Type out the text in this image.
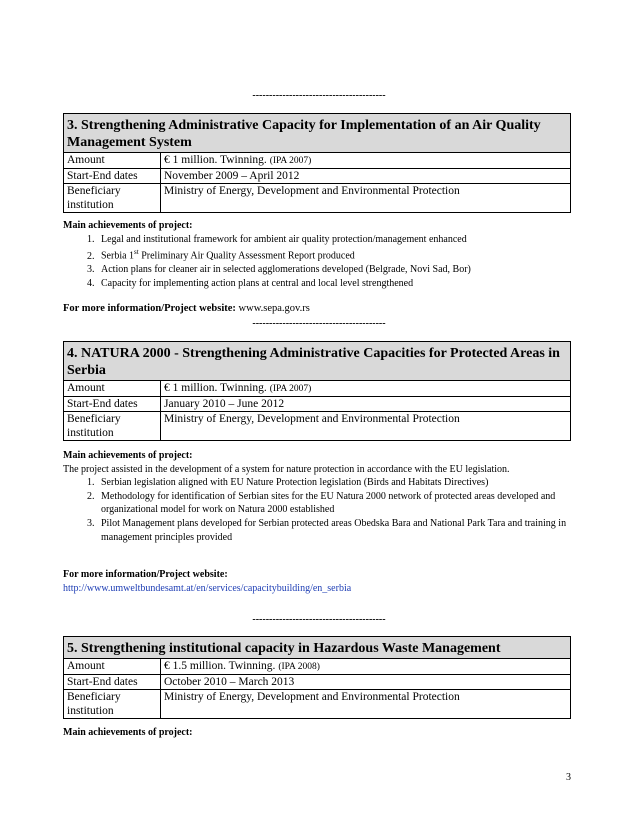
----------------------------------------
3. Strengthening Administrative Capacity for Implementation of an Air Quality Management System	
Amount	€ 1 million. Twinning. (IPA 2007)
Start-End dates	November 2009 – April 2012
Beneficiary institution	Ministry of Energy, Development and Environmental Protection
Main achievements of project:
1. Legal and institutional framework for ambient air quality protection/management enhanced
2. Serbia 1st Preliminary Air Quality Assessment Report produced
3. Action plans for cleaner air in selected agglomerations developed (Belgrade, Novi Sad, Bor)
4. Capacity for implementing action plans at central and local level strengthened
For more information/Project website: www.sepa.gov.rs
----------------------------------------
4. NATURA 2000 - Strengthening Administrative Capacities for Protected Areas in Serbia	
Amount	€ 1 million. Twinning. (IPA 2007)
Start-End dates	January 2010 – June 2012
Beneficiary institution	Ministry of Energy, Development and Environmental Protection
Main achievements of project:
The project assisted in the development of a system for nature protection in accordance with the EU legislation.
1. Serbian legislation aligned with EU Nature Protection legislation (Birds and Habitats Directives)
2. Methodology for identification of Serbian sites for the EU Natura 2000 network of protected areas developed and organizational model for work on Natura 2000 established
3. Pilot Management plans developed for Serbian protected areas Obedska Bara and National Park Tara and training in management principles provided
For more information/Project website:
http://www.umweltbundesamt.at/en/services/capacitybuilding/en_serbia
----------------------------------------
5. Strengthening institutional capacity in Hazardous Waste Management	
Amount	€ 1.5 million. Twinning. (IPA 2008)
Start-End dates	October 2010 – March 2013
Beneficiary institution	Ministry of Energy, Development and Environmental Protection
Main achievements of project:
3
